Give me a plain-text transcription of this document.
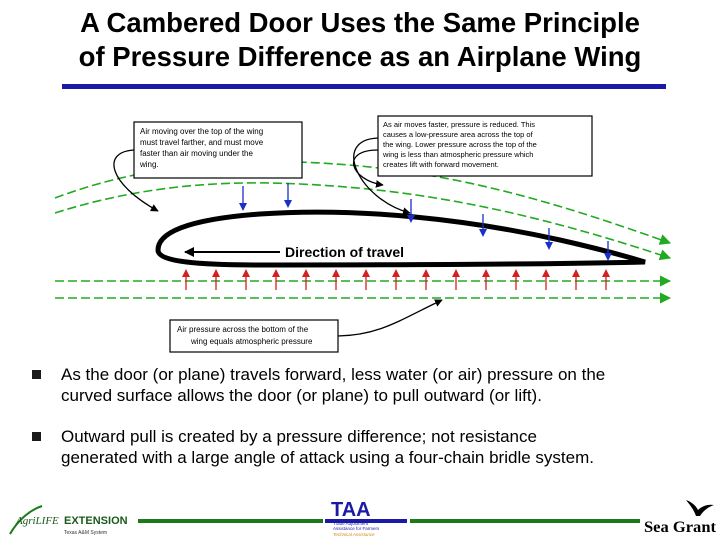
A Cambered Door Uses the Same Principle
of Pressure Difference as an Airplane Wing
Direction of travel
Air moving over the top of the wing must travel farther, and must move faster than air moving under the wing.
As air moves faster, pressure is reduced. This causes a low-pressure area across the top of the wing. Lower pressure across the top of the wing is less than atmospheric pressure which creates lift with forward movement.
Air pressure across the bottom of the wing equals atmospheric pressure
As the door (or plane) travels forward, less water (or air) pressure on the
curved surface allows the door (or plane) to pull outward (or lift).
Outward pull is created by a pressure difference; not resistance
generated with a large angle of attack using a four-chain bridle system.
AgriLIFE EXTENSION
Texas A&M System
TAA
Trade Adjustment Assistance for Farmers
Technical Assistance	Sea Grant
